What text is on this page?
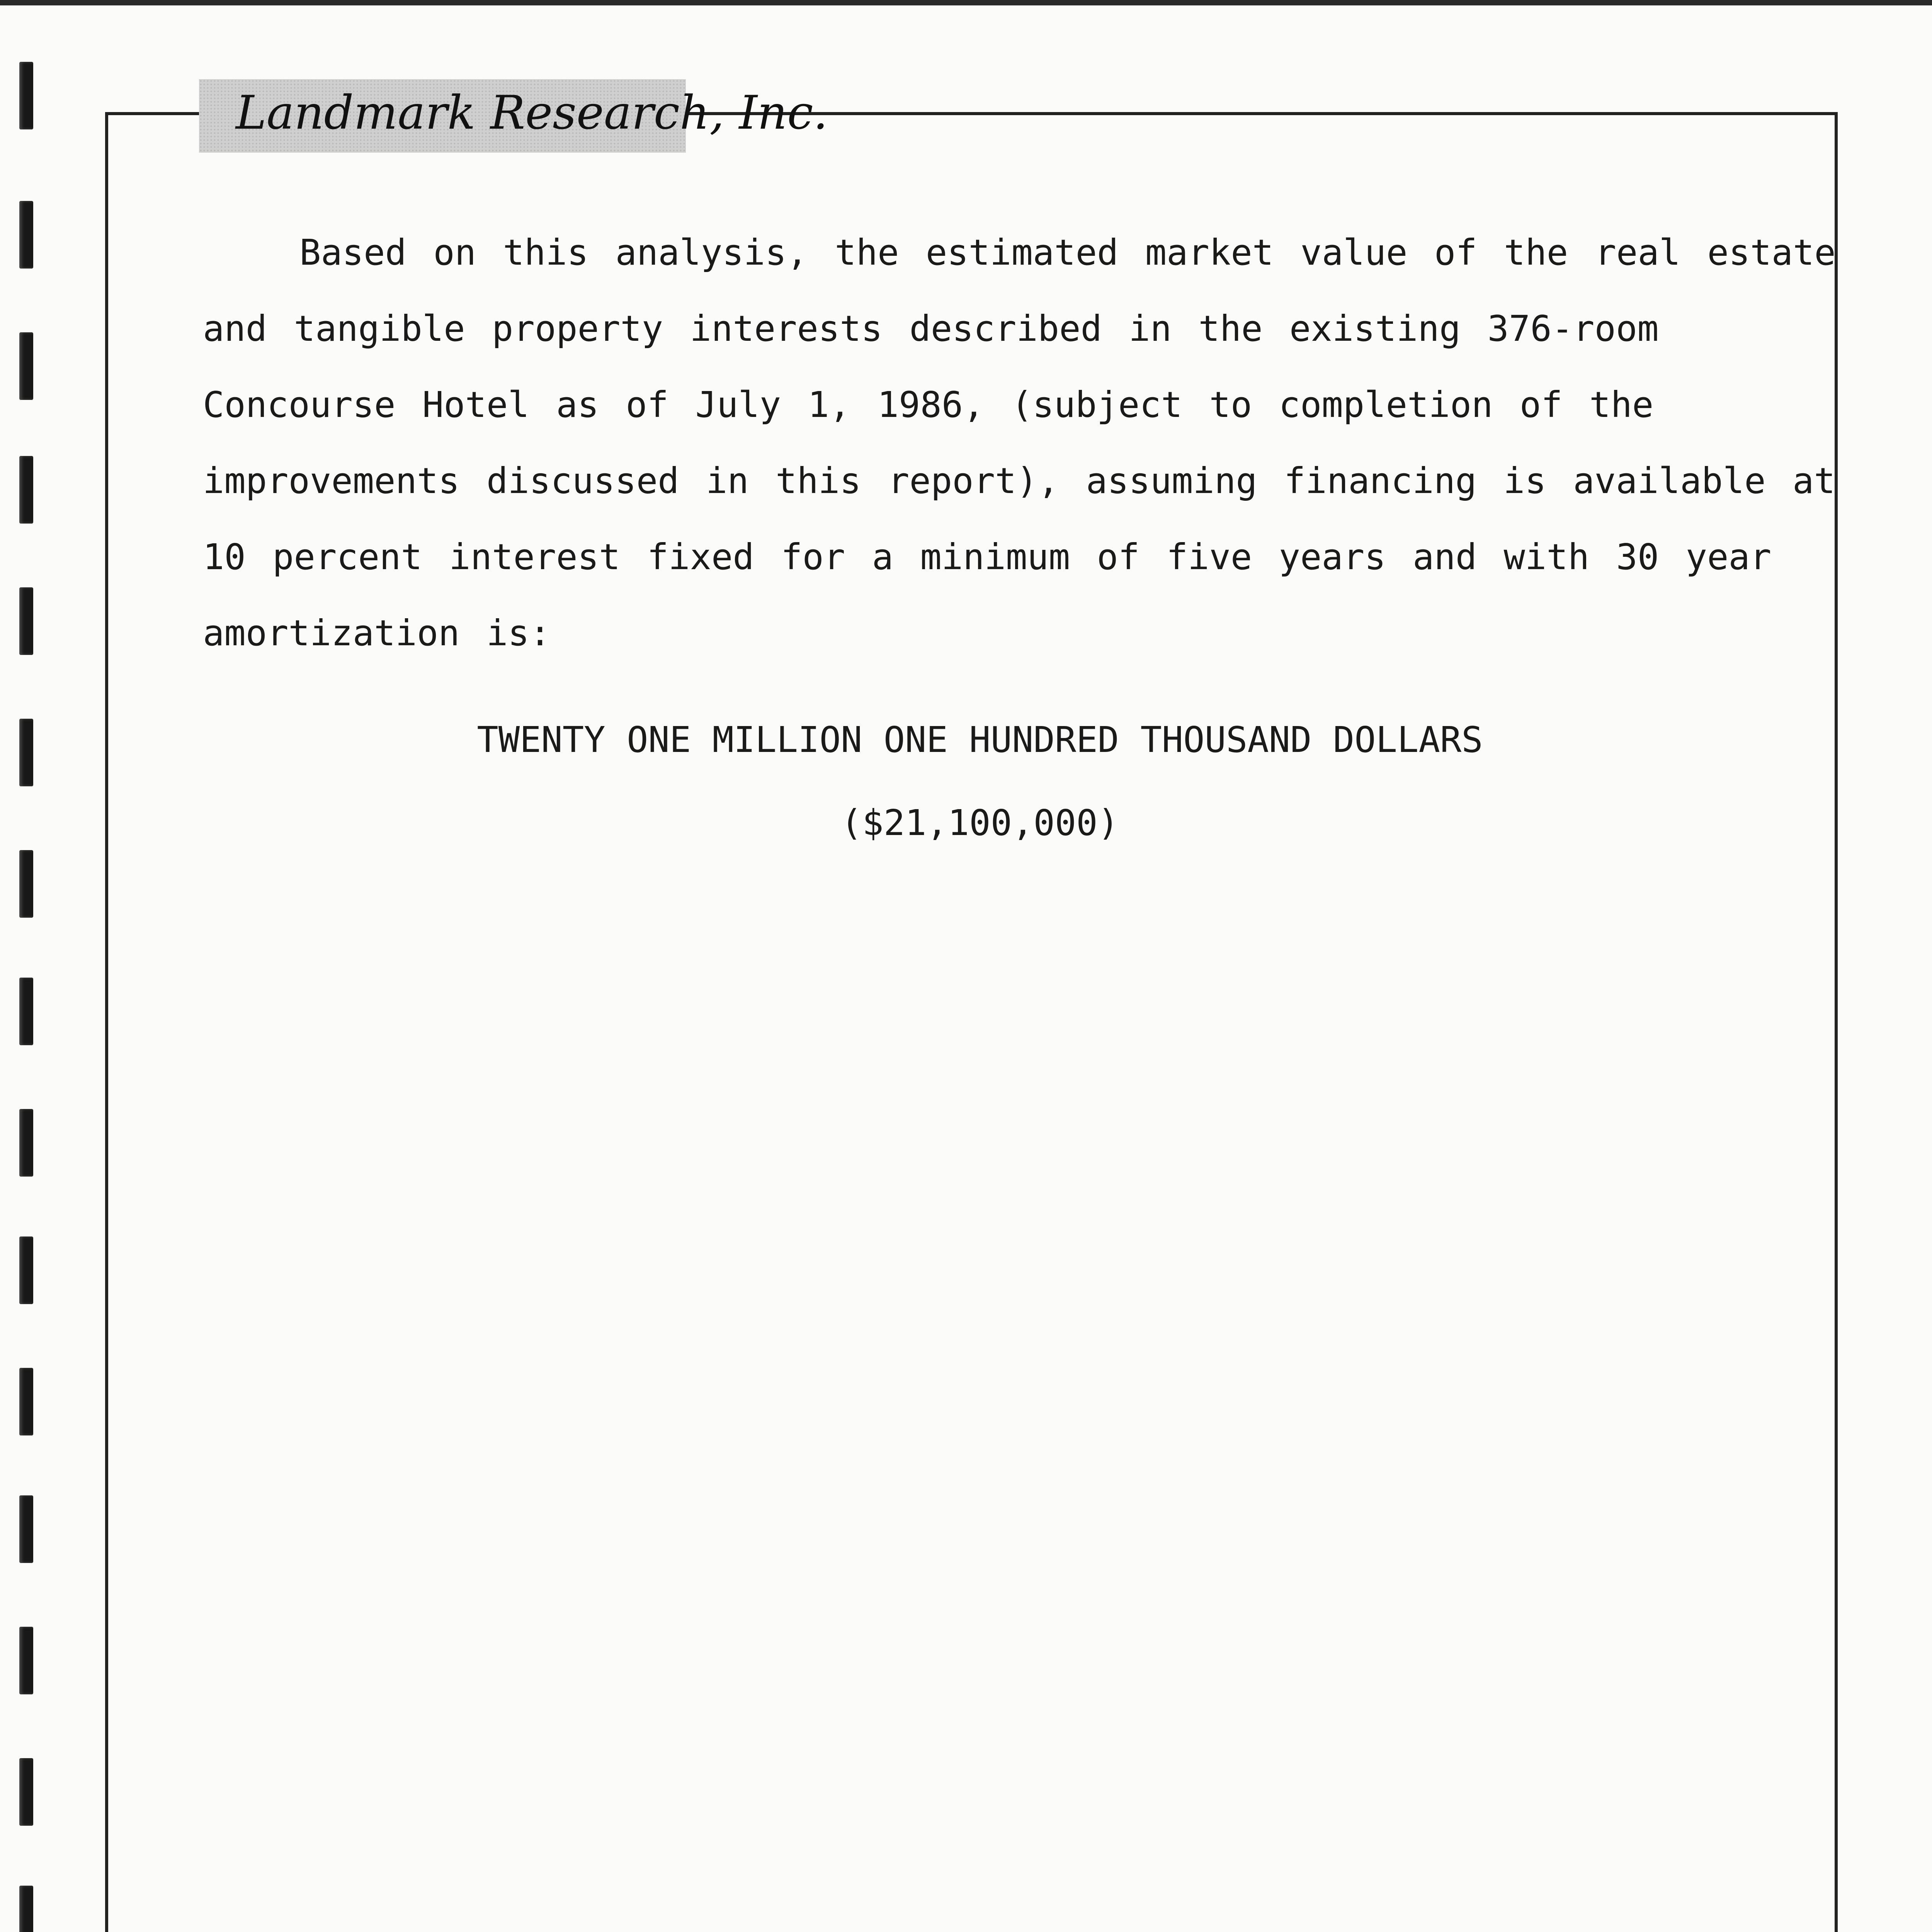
Landmark Research, Inc.
Based on this analysis, the estimated market value of the real estate
and tangible property interests described in the existing 376-room
Concourse Hotel as of July 1, 1986, (subject to completion of the
improvements discussed in this report), assuming financing is available at
10 percent interest fixed for a minimum of five years and with 30 year
amortization is:
TWENTY ONE MILLION ONE HUNDRED THOUSAND DOLLARS
($21,100,000)
